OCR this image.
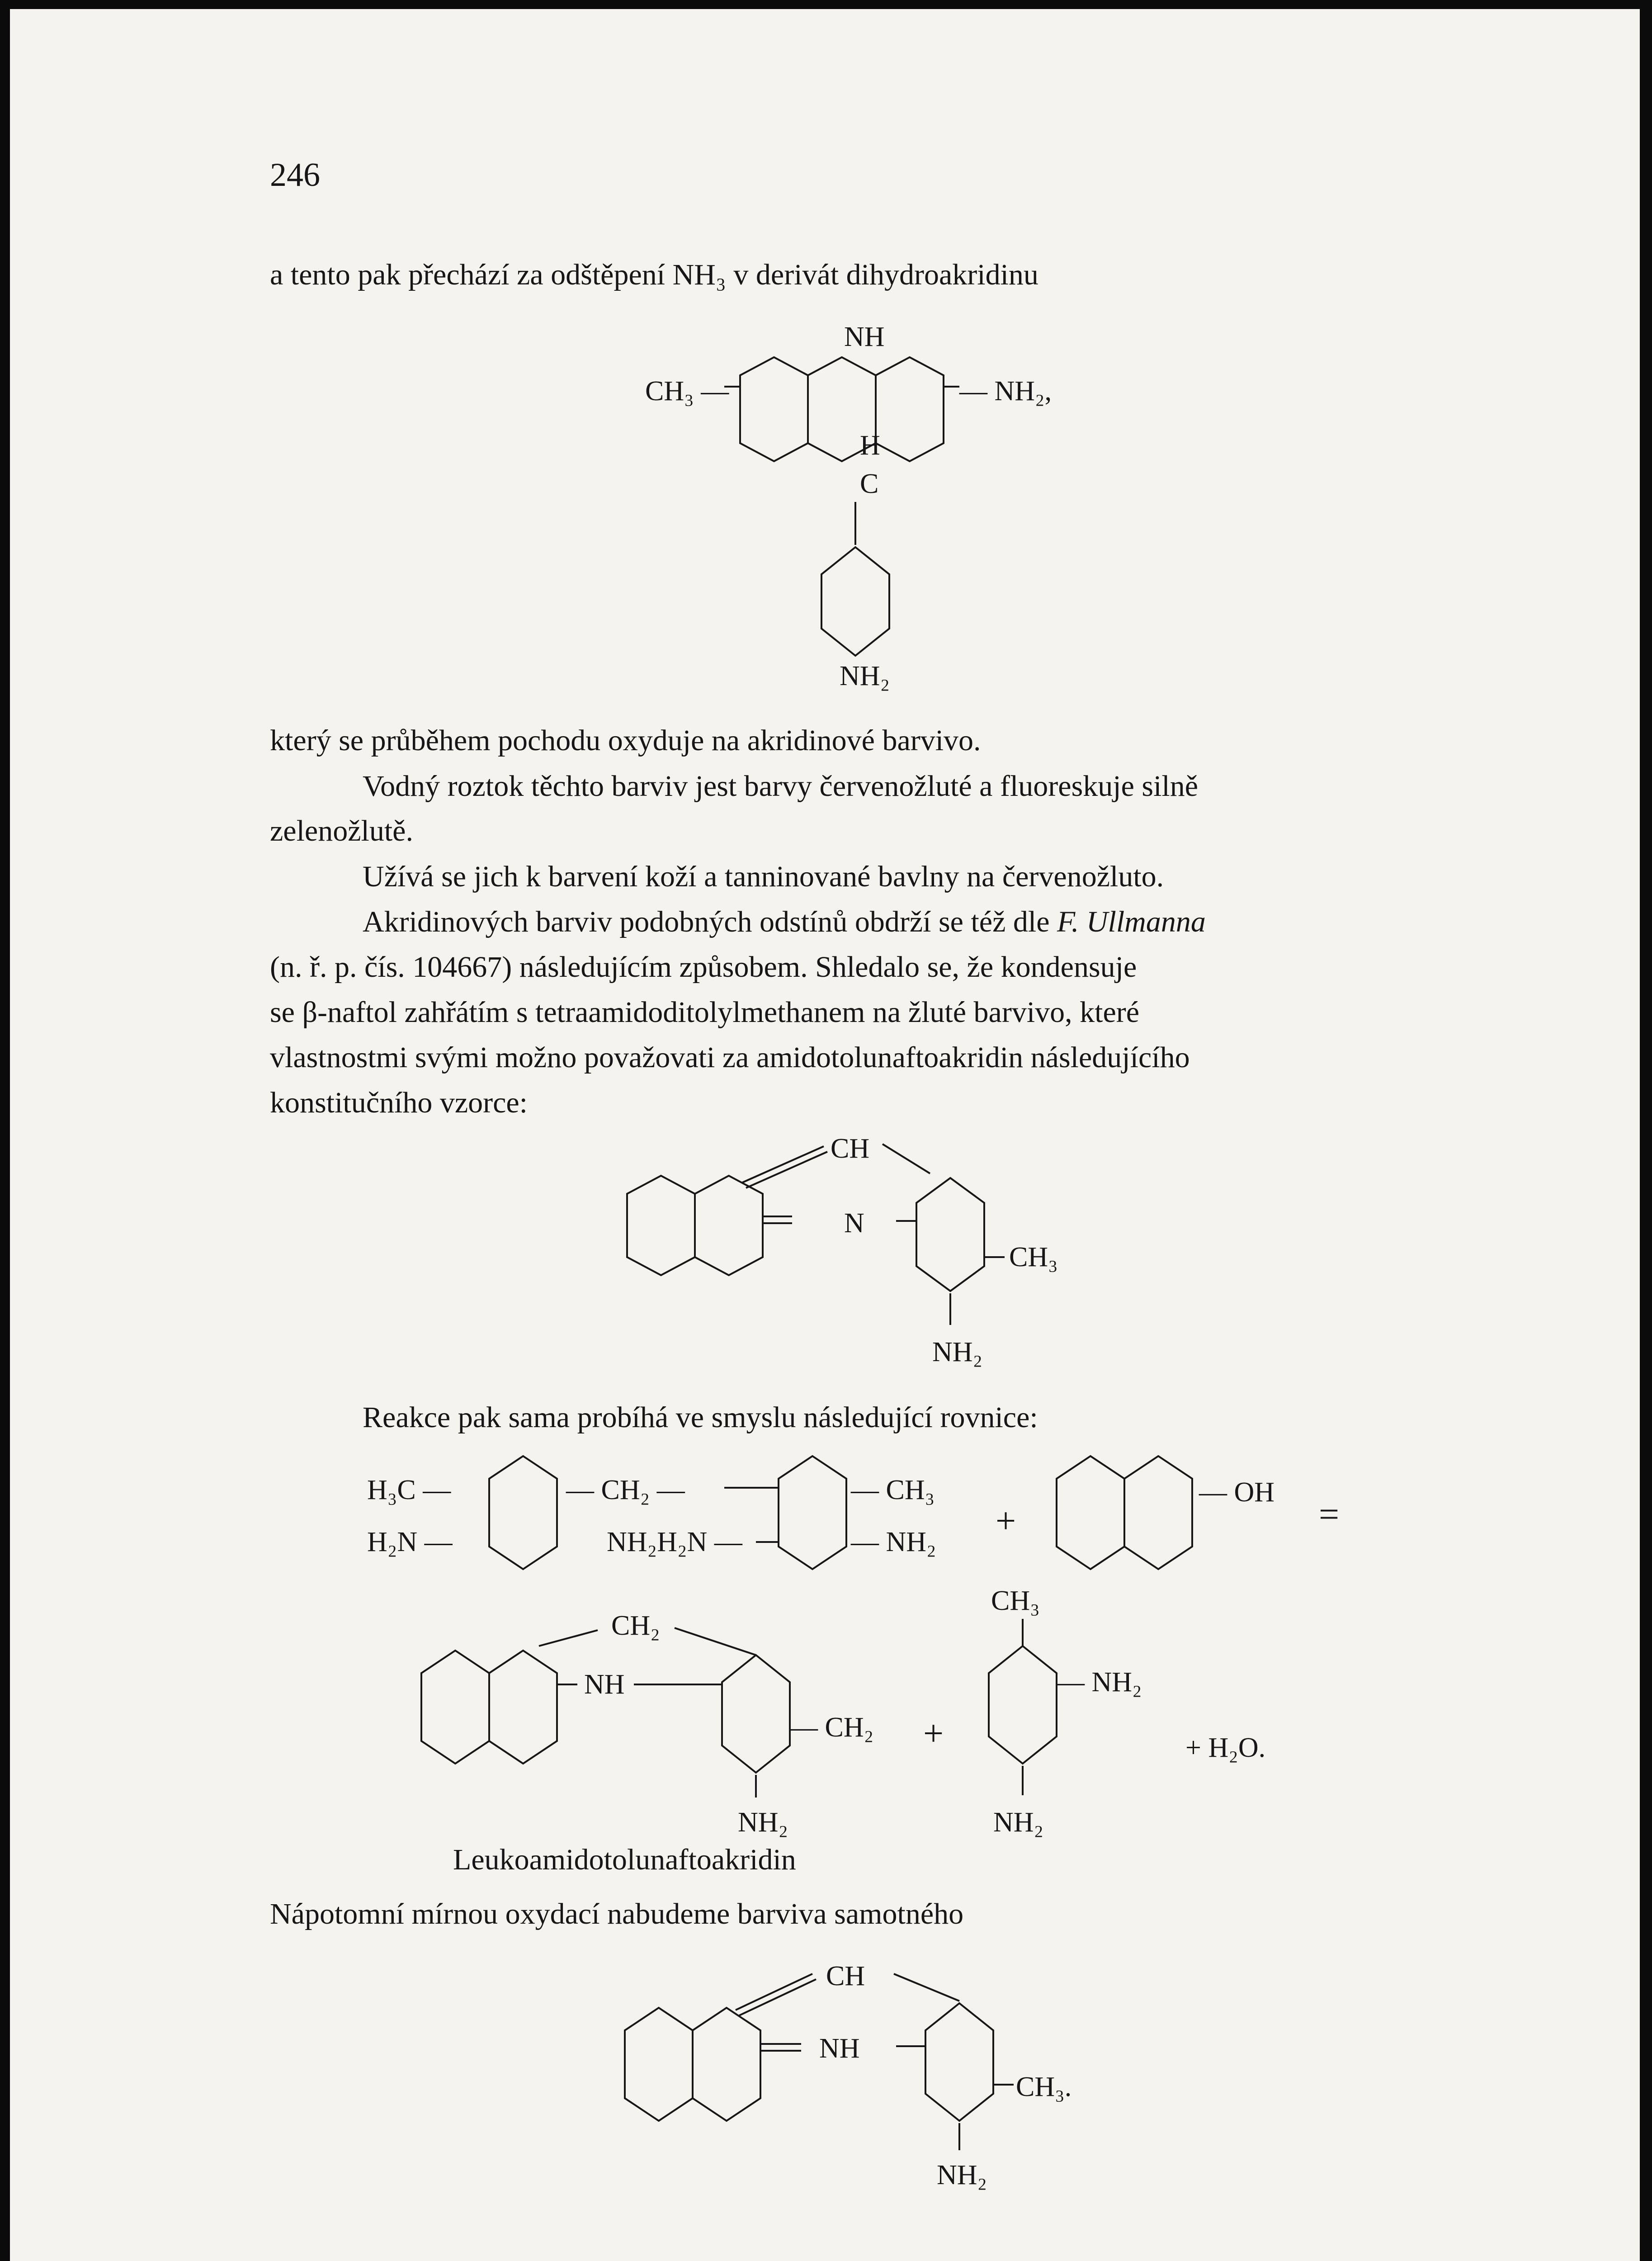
246
a tento pak přechází za odštěpení NH₃ v derivát dihydroakridinu
který se průběhem pochodu oxyduje na akridinové barvivo.
Vodný roztok těchto barviv jest barvy červenožluté a fluoreskuje silně
zelenožlutě.
Užívá se jich k barvení koží a tanninované bavlny na červenožluto.
Akridinových barviv podobných odstínů obdrží se též dle F. Ullmanna
(n. ř. p. čís. 104667) následujícím způsobem. Shledalo se, že kondensuje
se β-naftol zahřátím s tetraamidoditolylmethanem na žluté barvivo, které
vlastnostmi svými možno považovati za amidotolunaftoakridin následujícího
konstitučního vzorce:
Reakce pak sama probíhá ve smyslu následující rovnice:
Leukoamidotolunaftoakridin
Nápotomní mírnou oxydací nabudeme barviva samotného
NH
CH₃ —	— NH₂,
H
C
NH₂
CH
N
CH₃
NH₂
H₃C —
H₂N —
— CH₂ —
NH₂H₂N —
— CH₃
— NH₂
+
— OH
=
CH₂
NH
— CH₂
NH₂
+
CH₃
— NH₂
NH₂
+ H₂O.
CH
NH
CH₃.
NH₂
